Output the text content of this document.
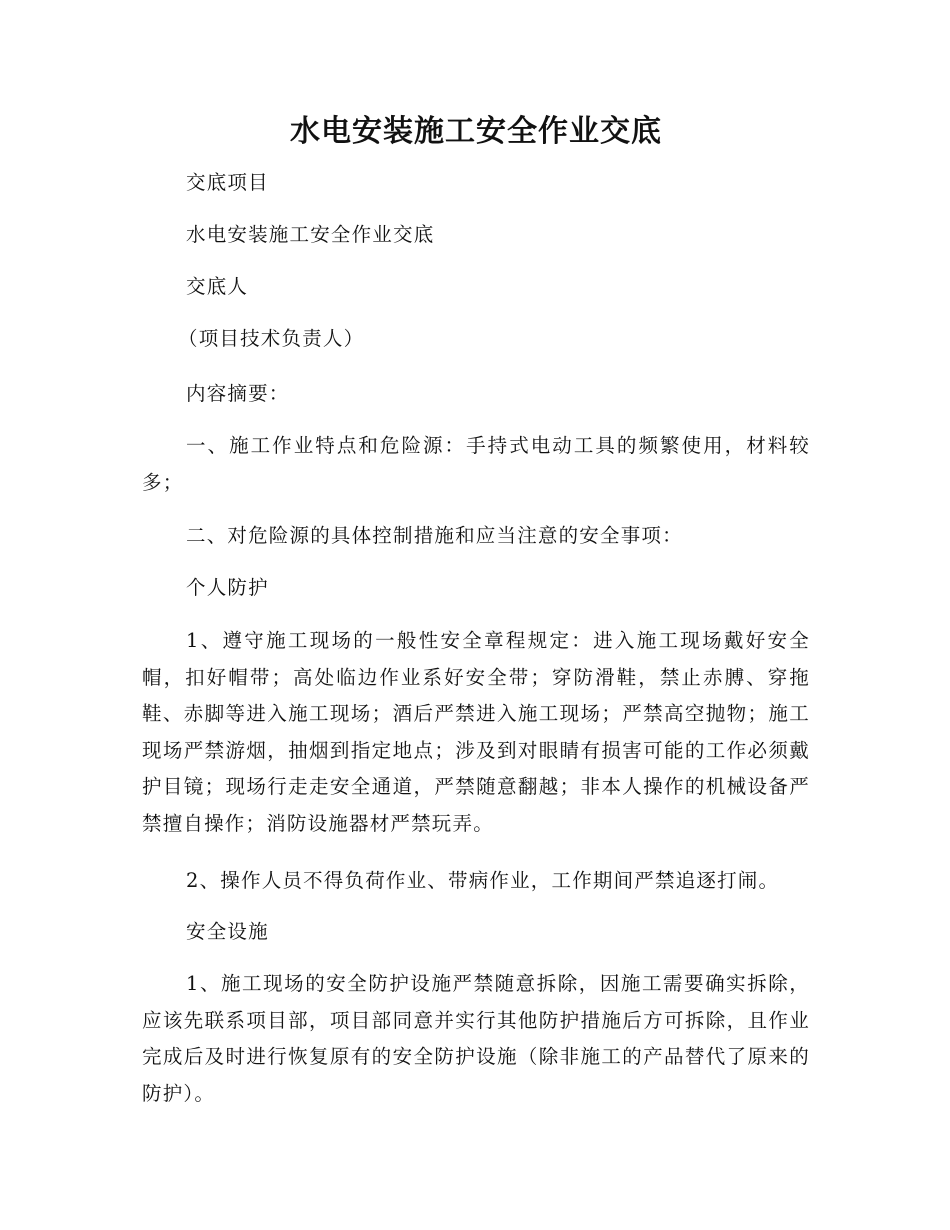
水电安装施工安全作业交底

交底项目

水电安装施工安全作业交底

交底人

（项目技术负责人）

内容摘要：

一、施工作业特点和危险源：手持式电动工具的频繁使用，材料较多；

二、对危险源的具体控制措施和应当注意的安全事项：

个人防护

1、遵守施工现场的一般性安全章程规定：进入施工现场戴好安全帽，扣好帽带；高处临边作业系好安全带；穿防滑鞋，禁止赤膊、穿拖鞋、赤脚等进入施工现场；酒后严禁进入施工现场；严禁高空抛物；施工现场严禁游烟，抽烟到指定地点；涉及到对眼睛有损害可能的工作必须戴护目镜；现场行走走安全通道，严禁随意翻越；非本人操作的机械设备严禁擅自操作；消防设施器材严禁玩弄。

2、操作人员不得负荷作业、带病作业，工作期间严禁追逐打闹。

安全设施

1、施工现场的安全防护设施严禁随意拆除，因施工需要确实拆除，应该先联系项目部，项目部同意并实行其他防护措施后方可拆除，且作业完成后及时进行恢复原有的安全防护设施（除非施工的产品替代了原来的防护）。
